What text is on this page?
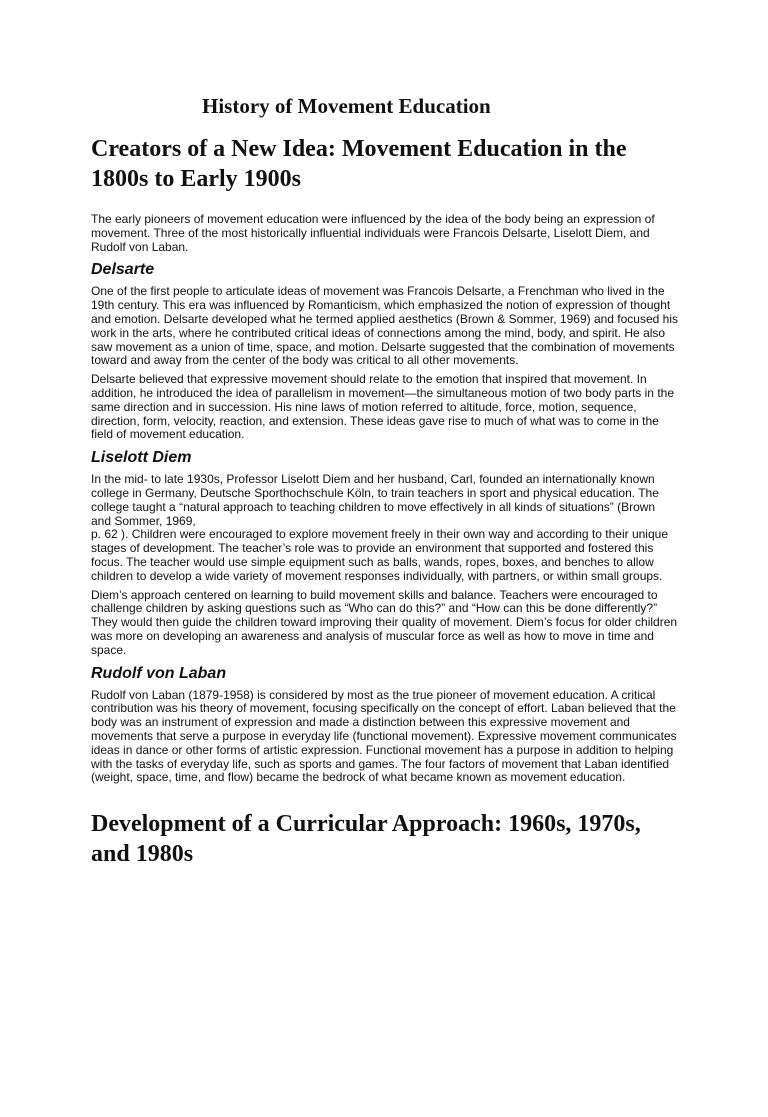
History of Movement Education
Creators of a New Idea: Movement Education in the 1800s to Early 1900s

The early pioneers of movement education were influenced by the idea of the body being an expression of movement. Three of the most historically influential individuals were Francois Delsarte, Liselott Diem, and Rudolf von Laban.

Delsarte

One of the first people to articulate ideas of movement was Francois Delsarte, a Frenchman who lived in the 19th century. This era was influenced by Romanticism, which emphasized the notion of expression of thought and emotion. Delsarte developed what he termed applied aesthetics (Brown & Sommer, 1969) and focused his work in the arts, where he contributed critical ideas of connections among the mind, body, and spirit. He also saw movement as a union of time, space, and motion. Delsarte suggested that the combination of movements toward and away from the center of the body was critical to all other movements.

Delsarte believed that expressive movement should relate to the emotion that inspired that movement. In addition, he introduced the idea of parallelism in movement—the simultaneous motion of two body parts in the same direction and in succession. His nine laws of motion referred to altitude, force, motion, sequence, direction, form, velocity, reaction, and extension. These ideas gave rise to much of what was to come in the field of movement education.

Liselott Diem

In the mid- to late 1930s, Professor Liselott Diem and her husband, Carl, founded an internationally known college in Germany, Deutsche Sporthochschule Köln, to train teachers in sport and physical education. The college taught a “natural approach to teaching children to move effectively in all kinds of situations” (Brown and Sommer, 1969,

p. 62 ). Children were encouraged to explore movement freely in their own way and according to their unique stages of development. The teacher’s role was to provide an environment that supported and fostered this focus. The teacher would use simple equipment such as balls, wands, ropes, boxes, and benches to allow children to develop a wide variety of movement responses individually, with partners, or within small groups.

Diem’s approach centered on learning to build movement skills and balance. Teachers were encouraged to challenge children by asking questions such as “Who can do this?” and “How can this be done differently?” They would then guide the children toward improving their quality of movement. Diem’s focus for older children was more on developing an awareness and analysis of muscular force as well as how to move in time and space.

Rudolf von Laban

Rudolf von Laban (1879-1958) is considered by most as the true pioneer of movement education. A critical contribution was his theory of movement, focusing specifically on the concept of effort. Laban believed that the body was an instrument of expression and made a distinction between this expressive movement and movements that serve a purpose in everyday life (functional movement). Expressive movement communicates ideas in dance or other forms of artistic expression. Functional movement has a purpose in addition to helping with the tasks of everyday life, such as sports and games. The four factors of movement that Laban identified (weight, space, time, and flow) became the bedrock of what became known as movement education.

Development of a Curricular Approach: 1960s, 1970s, and 1980s
